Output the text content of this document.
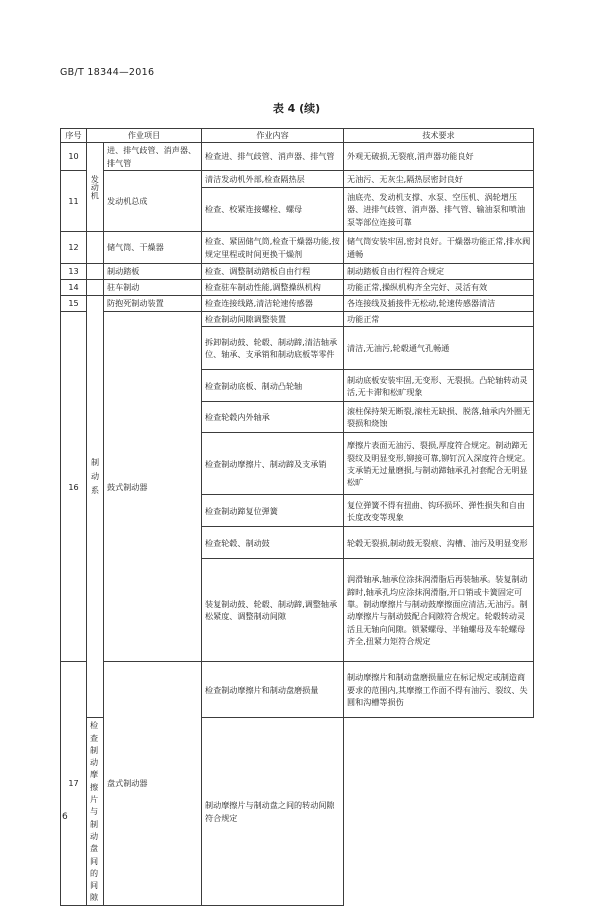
GB/T 18344—2016
表 4 (续)
序号	作业项目		作业内容	技术要求
10	发动机	进、排气歧管、消声器、排气管	检查进、排气歧管、消声器、排气管	外观无破损,无裂痕,消声器功能良好
11		发动机总成	清洁发动机外部,检查隔热层	无油污、无灰尘,隔热层密封良好
			检查、校紧连接螺栓、螺母	油底壳、发动机支撑、水泵、空压机、涡轮增压器、进排气歧管、消声器、排气管、输油泵和喷油泵等部位连接可靠
12		储气筒、干燥器	检查、紧固储气筒,检查干燥器功能,按规定里程或时间更换干燥剂	储气筒安装牢固,密封良好。干燥器功能正常,排水阀通畅
13		制动踏板	检查、调整制动踏板自由行程	制动踏板自由行程符合规定
14		驻车制动	检查驻车制动性能,调整操纵机构	功能正常,操纵机构齐全完好、灵活有效
15	制动系	防抱死制动装置	检查连接线路,清洁轮速传感器	各连接线及插接件无松动,轮速传感器清洁
16		鼓式制动器	检查制动间隙调整装置	功能正常
			拆卸制动鼓、轮毂、制动蹄,清洁轴承位、轴承、支承销和制动底板等零件	清洁,无油污,轮毂通气孔畅通
			检查制动底板、制动凸轮轴	制动底板安装牢固,无变形、无裂损。凸轮轴转动灵活,无卡滞和松旷现象
			检查轮毂内外轴承	滚柱保持架无断裂,滚柱无缺损、脱落,轴承内外圈无裂损和烧蚀
			检查制动摩擦片、制动蹄及支承销	摩擦片表面无油污、裂损,厚度符合规定。制动蹄无裂纹及明显变形,铆接可靠,铆钉沉入深度符合规定。支承销无过量磨损,与制动蹄轴承孔衬套配合无明显松旷
			检查制动蹄复位弹簧	复位弹簧不得有扭曲、钩环损坏、弹性损失和自由长度改变等现象
			检查轮毂、制动鼓	轮毂无裂损,制动鼓无裂痕、沟槽、油污及明显变形
			装复制动鼓、轮毂、制动蹄,调整轴承松紧度、调整制动间隙	润滑轴承,轴承位涂抹润滑脂后再装轴承。装复制动蹄时,轴承孔均应涂抹润滑脂,开口销或卡簧固定可靠。制动摩擦片与制动鼓摩擦面应清洁,无油污。制动摩擦片与制动鼓配合间隙符合规定。轮毂转动灵活且无轴向间隙。锁紧螺母、半轴螺母及车轮螺母齐全,扭紧力矩符合规定
17		盘式制动器	检查制动摩擦片和制动盘磨损量	制动摩擦片和制动盘磨损量应在标记规定或制造商要求的范围内,其摩擦工作面不得有油污、裂纹、失圆和沟槽等损伤
	检查制动摩擦片与制动盘间的间隙		制动摩擦片与制动盘之间的转动间隙符合规定	
6
